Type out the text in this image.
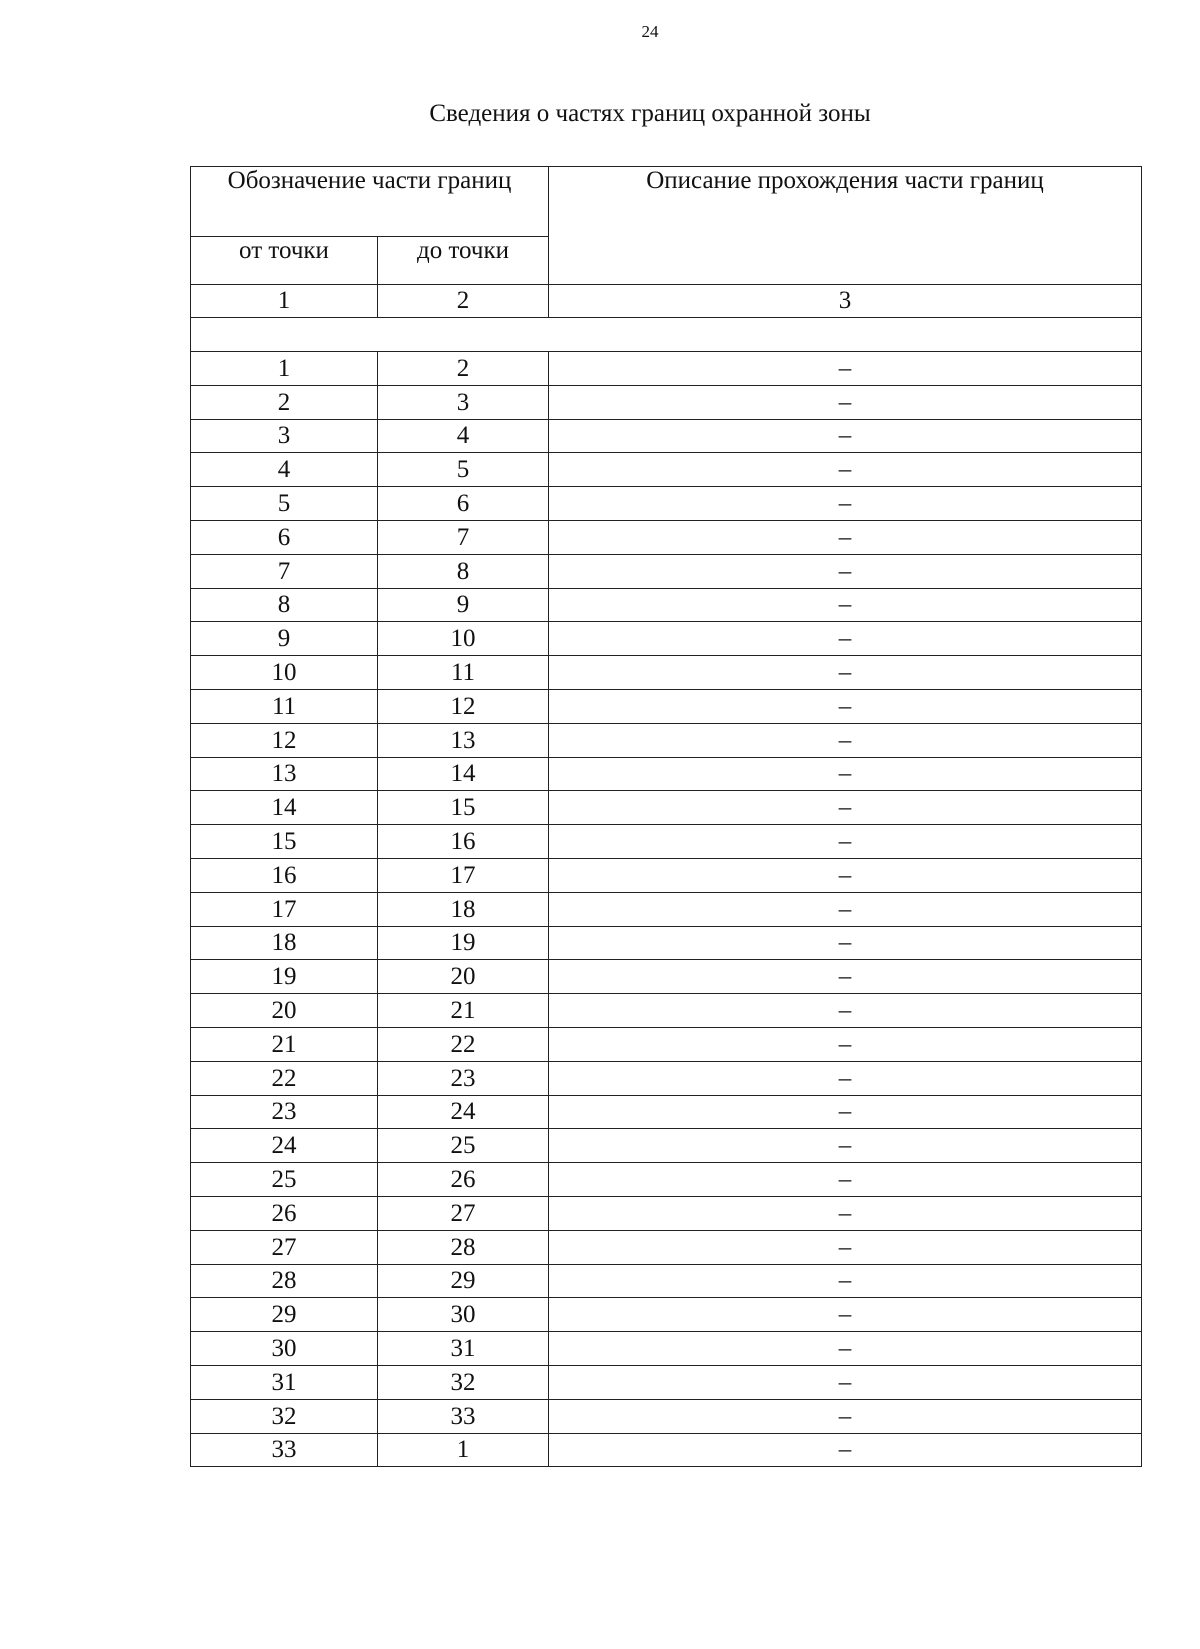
24
Сведения о частях границ охранной зоны
Обозначение части границ		Описание прохождения части границ
от точки	до точки	
1	2	3

1	2	–
2	3	–
3	4	–
4	5	–
5	6	–
6	7	–
7	8	–
8	9	–
9	10	–
10	11	–
11	12	–
12	13	–
13	14	–
14	15	–
15	16	–
16	17	–
17	18	–
18	19	–
19	20	–
20	21	–
21	22	–
22	23	–
23	24	–
24	25	–
25	26	–
26	27	–
27	28	–
28	29	–
29	30	–
30	31	–
31	32	–
32	33	–
33	1	–
